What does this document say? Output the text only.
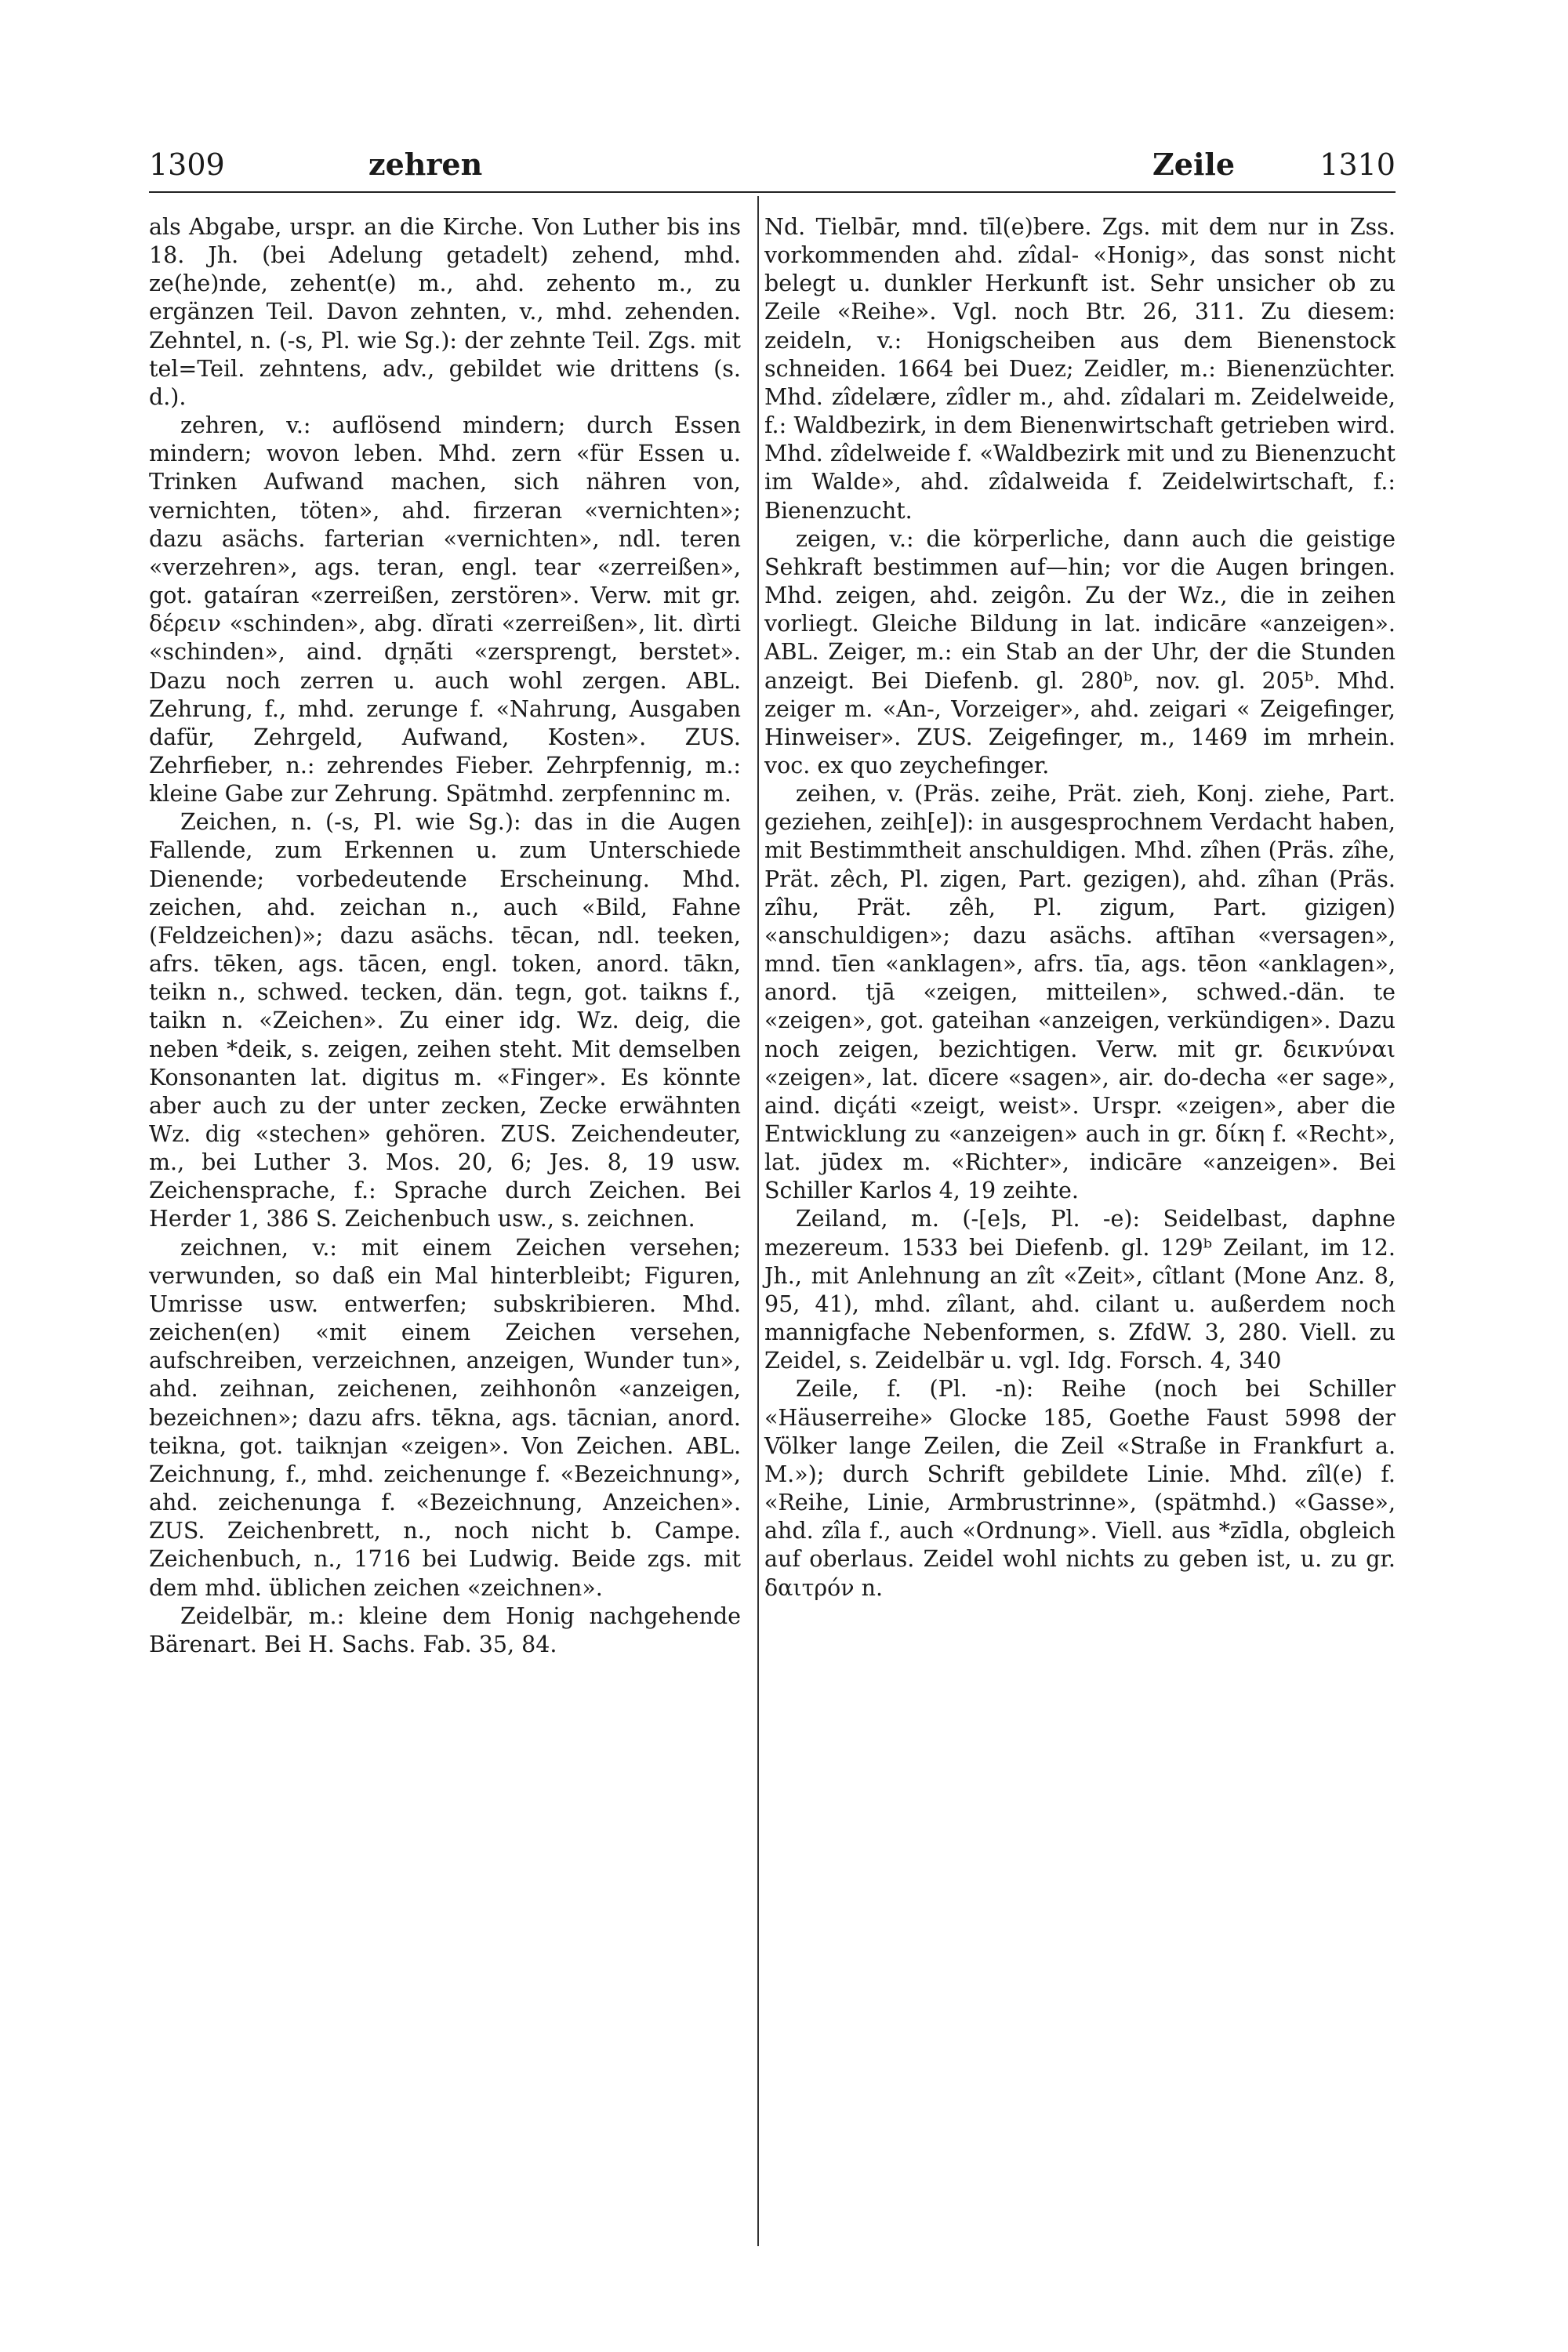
1309	zehren	Zeile	1310

als Abgabe, urspr. an die Kirche. Von Luther bis ins 18. Jh. (bei Adelung getadelt) zehend, mhd. ze(he)nde, zehent(e) m., ahd. zehento m., zu ergänzen Teil. Davon zehnten, v., mhd. zehenden. Zehntel, n. (-s, Pl. wie Sg.): der zehnte Teil. Zgs. mit tel=Teil. zehntens, adv., gebildet wie drittens (s. d.).

zehren, v.: auflösend mindern; durch Essen mindern; wovon leben. Mhd. zern «für Essen u. Trinken Aufwand machen, sich nähren von, vernichten, töten», ahd. firzeran «vernichten»; dazu asächs. farterian «vernichten», ndl. teren «verzehren», ags. teran, engl. tear «zerreißen», got. gataíran «zerreißen, zerstören». Verw. mit gr. δέρειν «schinden», abg. dĭrati «zerreißen», lit. dìrti «schinden», aind. dr̥ṇā́ti «zersprengt, berstet». Dazu noch zerren u. auch wohl zergen. ABL. Zehrung, f., mhd. zerunge f. «Nahrung, Ausgaben dafür, Zehrgeld, Aufwand, Kosten». ZUS. Zehrfieber, n.: zehrendes Fieber. Zehrpfennig, m.: kleine Gabe zur Zehrung. Spätmhd. zerpfenninc m.

Zeichen, n. (-s, Pl. wie Sg.): das in die Augen Fallende, zum Erkennen u. zum Unterschiede Dienende; vorbedeutende Erscheinung. Mhd. zeichen, ahd. zeichan n., auch «Bild, Fahne (Feldzeichen)»; dazu asächs. tēcan, ndl. teeken, afrs. tēken, ags. tācen, engl. token, anord. tākn, teikn n., schwed. tecken, dän. tegn, got. taikns f., taikn n. «Zeichen». Zu einer idg. Wz. deig, die neben *deik, s. zeigen, zeihen steht. Mit demselben Konsonanten lat. digitus m. «Finger». Es könnte aber auch zu der unter zecken, Zecke erwähnten Wz. dig «stechen» gehören. ZUS. Zeichendeuter, m., bei Luther 3. Mos. 20, 6; Jes. 8, 19 usw. Zeichensprache, f.: Sprache durch Zeichen. Bei Herder 1, 386 S. Zeichenbuch usw., s. zeichnen.

zeichnen, v.: mit einem Zeichen versehen; verwunden, so daß ein Mal hinterbleibt; Figuren, Umrisse usw. entwerfen; subskribieren. Mhd. zeichen(en) «mit einem Zeichen versehen, aufschreiben, verzeichnen, anzeigen, Wunder tun», ahd. zeihnan, zeichenen, zeihhonôn «anzeigen, bezeichnen»; dazu afrs. tēkna, ags. tācnian, anord. teikna, got. taiknjan «zeigen». Von Zeichen. ABL. Zeichnung, f., mhd. zeichenunge f. «Bezeichnung», ahd. zeichenunga f. «Bezeichnung, Anzeichen». ZUS. Zeichenbrett, n., noch nicht b. Campe. Zeichenbuch, n., 1716 bei Ludwig. Beide zgs. mit dem mhd. üblichen zeichen «zeichnen».

Zeidelbär, m.: kleine dem Honig nachgehende Bärenart. Bei H. Sachs. Fab. 35, 84.

Nd. Tielbār, mnd. tīl(e)bere. Zgs. mit dem nur in Zss. vorkommenden ahd. zîdal- «Honig», das sonst nicht belegt u. dunkler Herkunft ist. Sehr unsicher ob zu Zeile «Reihe». Vgl. noch Btr. 26, 311. Zu diesem: zeideln, v.: Honigscheiben aus dem Bienenstock schneiden. 1664 bei Duez; Zeidler, m.: Bienenzüchter. Mhd. zîdelære, zîdler m., ahd. zîdalari m. Zeidelweide, f.: Waldbezirk, in dem Bienenwirtschaft getrieben wird. Mhd. zîdelweide f. «Waldbezirk mit und zu Bienenzucht im Walde», ahd. zîdalweida f. Zeidelwirtschaft, f.: Bienenzucht.

zeigen, v.: die körperliche, dann auch die geistige Sehkraft bestimmen auf—hin; vor die Augen bringen. Mhd. zeigen, ahd. zeigôn. Zu der Wz., die in zeihen vorliegt. Gleiche Bildung in lat. indicāre «anzeigen». ABL. Zeiger, m.: ein Stab an der Uhr, der die Stunden anzeigt. Bei Diefenb. gl. 280ᵇ, nov. gl. 205ᵇ. Mhd. zeiger m. «An-, Vorzeiger», ahd. zeigari « Zeigefinger, Hinweiser». ZUS. Zeigefinger, m., 1469 im mrhein. voc. ex quo zeychefinger.

zeihen, v. (Präs. zeihe, Prät. zieh, Konj. ziehe, Part. geziehen, zeih[e]): in ausgesprochnem Verdacht haben, mit Bestimmtheit anschuldigen. Mhd. zîhen (Präs. zîhe, Prät. zêch, Pl. zigen, Part. gezigen), ahd. zîhan (Präs. zîhu, Prät. zêh, Pl. zigum, Part. gizigen) «anschuldigen»; dazu asächs. aftīhan «versagen», mnd. tīen «anklagen», afrs. tīa, ags. tēon «anklagen», anord. tjā «zeigen, mitteilen», schwed.-dän. te «zeigen», got. gateihan «anzeigen, verkündigen». Dazu noch zeigen, bezichtigen. Verw. mit gr. δεικνύναι «zeigen», lat. dīcere «sagen», air. do-decha «er sage», aind. diçáti «zeigt, weist». Urspr. «zeigen», aber die Entwicklung zu «anzeigen» auch in gr. δίκη f. «Recht», lat. jūdex m. «Richter», indicāre «anzeigen». Bei Schiller Karlos 4, 19 zeihte.

Zeiland, m. (-[e]s, Pl. -e): Seidelbast, daphne mezereum. 1533 bei Diefenb. gl. 129ᵇ Zeilant, im 12. Jh., mit Anlehnung an zît «Zeit», cîtlant (Mone Anz. 8, 95, 41), mhd. zîlant, ahd. cilant u. außerdem noch mannigfache Nebenformen, s. ZfdW. 3, 280. Viell. zu Zeidel, s. Zeidelbär u. vgl. Idg. Forsch. 4, 340

Zeile, f. (Pl. -n): Reihe (noch bei Schiller «Häuserreihe» Glocke 185, Goethe Faust 5998 der Völker lange Zeilen, die Zeil «Straße in Frankfurt a. M.»); durch Schrift gebildete Linie. Mhd. zîl(e) f. «Reihe, Linie, Armbrustrinne», (spätmhd.) «Gasse», ahd. zîla f., auch «Ordnung». Viell. aus *zīdla, obgleich auf oberlaus. Zeidel wohl nichts zu geben ist, u. zu gr. δαιτρόν n.
